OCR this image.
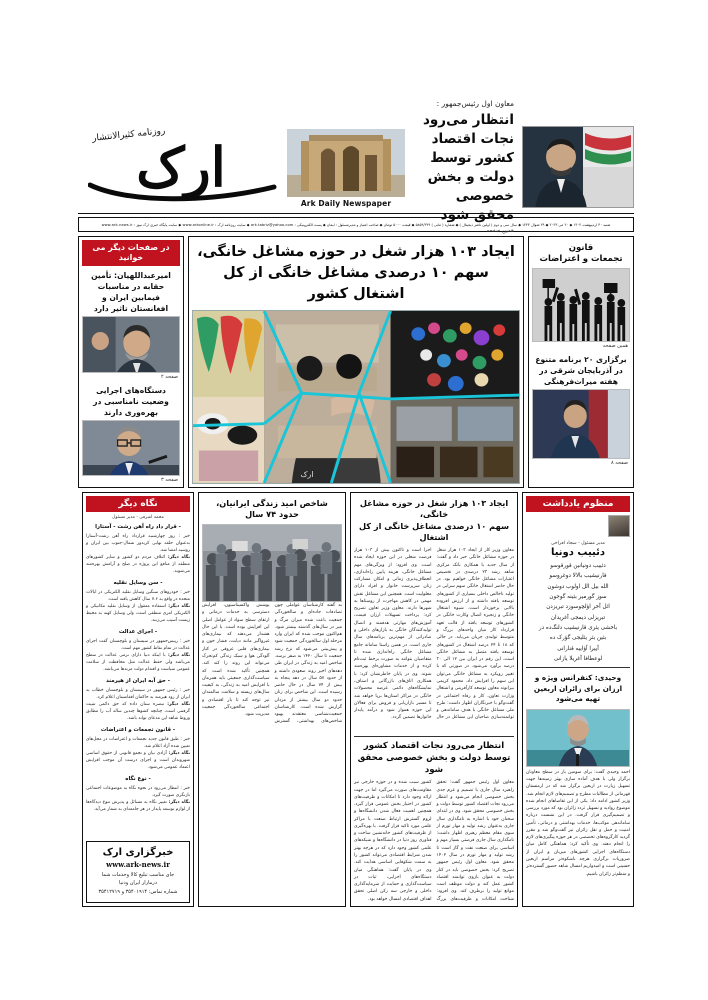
روزنامه کثیرالانتشار
ارک
Ark Daily Newspaper
معاون اول رئیس‌جمهور :
انتظار می‌رود نجات اقتصاد کشور توسط دولت و بخش خصوصی محقق شود
همین صفحه
شنبه ۳۰ اردیبهشت ۱۴۰۲ ◆ ۲۰ می ۲۰۲۳ ◆ ۲۹ شوال ۱۴۴۴ ◆ سال سی و دوم ( اولین ناشر دیجیتال ) ◆ شماره ( مانی ) ۵۸۵۹/۳۴۹ ◆ قیمت ۵۰۰۰ تومان ◆ صاحب امتیاز و مدیرمسئول : ایمان ◆ پست الکترونیکی : ark.tabriz@yahoo.com ◆ سایت روزنامه ارک : www.arkonline.ir ◆ سایت پایگاه خبری ارک نیوز : www.ark-news.ir
قانون
تجمعات و اعتراضات
همین صفحه
برگزاری ۲۰ برنامه متنوع در آذربایجان شرقی در هفته میراث‌فرهنگی
صفحه ۸
ایجاد ۱۰۳ هزار شغل در حوزه مشاغل خانگی،
سهم ۱۰ درصدی مشاغل خانگی از کل اشتغال کشور
ارک
در صفحات دیگر می خوانید
امیرعبداللهیان: تأمین حقابه در مناسبات فیمابین ایران و افغانستان تاثیر دارد
صفحه ۲
دستگاه‌های اجرایی وضعیت نامناسبی در بهره‌وری دارند
صفحه ۳
منظوم یادداشت
مدیر مسئول - سجاد افراخی
دئییب دونیا
دئییب دونیانین قورقوسو
قارنیشیب بالالا دوغروسو
الله بیل الل اولوب دوشون
سوز گورمیر بئینه گوجون
ائل آخر اؤلچوسوزد تبریزدن
تبریزلی دیمجی آغریدان
باخشی یئری قارنیشیب دلنگ‌ده در
بئین بئر یئلیجی گؤرک ده
آییرا آؤاییه قنارانی
لوعطافا آغریلا یازانی
وحیدی: کنفرانس ویژه و ارزان برای زائران اربعین تهیه می‌شود
احمد وحیدی گفت: برای سومین بار در سطح معاونان برگزار ولی با هدف آماده سازی بهتر زمینه‌ها جهت تسهیل زیارت در اربعین برگزار شد که در ارمنستان قهرمانی از مطالبات مطرح و تصمیم‌های لازم انجام شد. وزیر کشور ادامه داد: یکی از این تقاضاهای انجام شده موضوع روادید و تسهیل تردد زائران بود که مورد بررسی و تصمیم‌گیری قرار گرفت. در این نشست درباره ساماندهی موکب‌ها، خدمات بهداشتی و درمانی، تأمین امنیت و حمل و نقل زائران نیز گفت‌وگو شد و مقرر گردید کارگروه‌های تخصصی در هر حوزه پیگیری‌های لازم را انجام دهند. وی تأکید کرد: هماهنگی کامل میان دستگاه‌های اجرایی کشورهای میزبان و ایران از ضروریات برگزاری هرچه باشکوه‌تر مراسم اربعین حسینی است و امیدواریم امسال شاهد حضور گسترده‌تر و منظم‌تر زائران باشیم.
ایجاد ۱۰۳ هزار شغل در حوزه مشاغل خانگی،
سهم ۱۰ درصدی مشاغل خانگی از کل اشتغال
معاون وزیر کار از ایجاد ۱۰۳ هزار شغل در حوزه مشاغل خانگی خبر داد و گفت: از سال جدید با همکاری بانک مرکزی شاهد رشد ۲۳ درصدی در تخصیص اعتبارات مشاغل خانگی خواهیم بود. در حال حاضر اشتغال خانگی سهم سزایی در تولید ناخالص داخلی بسیاری از کشورهای توسعه یافته داشته و از ارزش افزوده بالایی برخوردار است. شیوه اشتغال خانگی و زنجیره اتصال وکارت خانگی در کشورهای توسعه یافته از قالب تعهد قرارداد کار میان واحدهای بزرگ و متوسط تولیدی جریان می‌یابد. در حالی که ۱۸ تا ۲۴ درصد اشتغال در کشورهای توسعه یافته متصل به مشاغل خانگی است، این رقم در ایران بین ۱۲ الی ۳۰ درصد برآورد می‌شود. در صورتی که با تغییر رویکرد به مشاغل خانگی می‌توان این سهم را افزایش داد. محمود کریمی بیرانوند معاون توسعه کارآفرینی و اشتغال وزارت تعاون، کار و رفاه اجتماعی در گفت‌وگو با خبرنگاران اظهار داشت: طرح ملی مشاغل خانگی با هدف ساماندهی و توانمندسازی صاحبان این مشاغل در حال اجرا است و تاکنون بیش از ۱۰۳ هزار فرصت شغلی در این حوزه ایجاد شده است. وی افزود: از ویژگی‌های مهم مشاغل خانگی، هزینه پایین راه‌اندازی، انعطاف‌پذیری زمانی و امکان مشارکت زنان سرپرست خانوار و افراد دارای معلولیت است. همچنین این مشاغل نقش مهمی در کاهش مهاجرت از روستاها به شهرها دارند. معاون وزیر تعاون تصریح کرد: پرداخت تسهیلات ارزان قیمت، آموزش‌های مهارتی هدفمند و اتصال تولیدکنندگان خانگی به بازارهای داخلی و صادراتی از مهم‌ترین برنامه‌های سال جاری است. در همین راستا سامانه جامع مشاغل خانگی راه‌اندازی شده تا متقاضیان بتوانند به صورت برخط ثبت‌نام کرده و از خدمات مشاوره‌ای بهره‌مند شوند. وی در پایان خاطرنشان کرد: با همکاری اتاق‌های بازرگانی و اصناف، نمایشگاه‌های دائمی عرضه محصولات خانگی در مراکز استان‌ها برپا خواهد شد تا مسیر بازاریابی و فروش برای فعالان این حوزه هموار شود و درآمد پایدار خانوارها تضمین گردد.
انتظار می‌رود نجات اقتصاد کشور توسط دولت و بخش خصوصی محقق شود
معاون اول رئیس جمهور گفت: تحقق راهبرد سال جاری با تصمیم و عزم جدی بخش خصوصی انجام می‌شود و انتظار می‌رود نجات اقتصاد کشور توسط دولت و بخش خصوصی محقق شود. وی در ابتدای سخنان خود با اشاره به نامگذاری سال جاری به‌عنوان رشد تولید و مهار تورم از سوی مقام معظم رهبری اظهار داشت: نامگذاری سال جاری فرصتی بسیار مهم و اساسی برای صنعت نفت و گاز است تا رشد تولید و مهار تورم در سال ۱۴۰۲ محقق شود. معاون اول رئیس جمهور تصریح کرد: بخش خصوصی باید در کنار دولت به عنوان بازوی توانمند اقتصاد کشور عمل کند و دولت موظف است موانع تولید را برطرف کند. وی افزود: شناخت امکانات و ظرفیت‌های بزرگ کشور سبب شده و در حوزه خارجی نیز مقاومت‌های صورت می‌گیرد اما در جهت ارائه وجود دارد تا امکانات و ظرفیت‌های کشور در اختیار بخش عمومی قرار گیرد. همچنین اهمیت فعال شدن دانشگاه‌ها و لزوم گسترش ارتباط صنعت با مراکز علمی مورد تاکید قرار گرفت. با بهره‌گیری از ظرفیت‌های کشور خانه‌نشین ساخت و فناوری روز دنیا در دانشگاه‌ها و شبکه‌های علمی کشور وجود دارد که در هرچه بهتر شدن شرایط اقتصادی می‌تواند کشور را به سمت شکوفایی اساسی هدایت کند. وی در پایان گفت: هماهنگی میان دستگاه‌های اجرایی، ثبات در سیاست‌گذاری و حمایت از سرمایه‌گذاری داخلی و خارجی سه رکن اصلی تحقق اهداف اقتصادی امسال خواهد بود.
شاخص امید زندگی ایرانیان،
حدود ۷۴ سال
به گفته کارشناسان عواملی چون تصادفات جاده‌ای و سالخوردگی جمعیت باعث شده میزان مرگ و میر در سال‌های گذشته بیشتر شود. هم‌اکنون موجب شده که ایران وارد مرحله اول سالخوردگی جمعیت شود و پیش‌بینی می‌شود که نرخ رشد جمعیت تا سال ۱۴۲۰ به صفر برسد. شاخص امید به زندگی در ایران طی دهه‌های اخیر روند صعودی داشته و از حدود ۵۷ سال در دهه پنجاه به بیش از ۷۴ سال در حال حاضر رسیده است. این شاخص برای زنان حدود دو سال بیشتر از مردان گزارش شده است. کارشناسان جمعیت‌شناسی معتقدند بهبود شاخص‌های بهداشتی، گسترش پوشش واکسیناسیون، افزایش دسترسی به خدمات درمانی و ارتقای سطح سواد از عوامل اصلی این افزایش بوده است. با این حال هشدار می‌دهند که بیماری‌های غیرواگیر مانند دیابت، فشار خون و بیماری‌های قلبی عروقی در کنار آلودگی هوا و سبک زندگی کم‌تحرک می‌تواند این روند را کند کند. همچنین تأکید شده است که سیاست‌گذاری جمعیتی باید همزمان با افزایش امید به زندگی، به کیفیت سال‌های زیسته و سلامت سالمندان نیز توجه کند تا بار اقتصادی و اجتماعی سالخوردگی جمعیت مدیریت شود.
نگاه دیگر
محمد اشرفی - مدیر مسئول
- قرار داد راه آهن رشت - آستارا
خبر : روز چهارشنبه قرارداد راه آهن رشت-آستارا به‌عنوان حلقه نهایی کریدور شمال-جنوب بین ایران و روسیه امضا شد.
نگاه دیگر: ائتلاف مردم دو کشور و سایر کشورهای منطقه از منافع این پروژه در صلح و آرامش بهره‌مند می‌شوند.
- سن وسایل نقلیه
خبر : خودروهای سنگین وسایل نقلیه الکتریکی در ایالات متحده در واقع به ۷.۶ سال کاهش یافته است.
نگاه دیگر: استفاده معقول از وسایل نقلیه مکانیکی و الکتریکی امری منطقی است، ولی وسایل کهنه به محیط زیست آسیب می‌زنند.
- اجرای عدالت
خبر : رییس‌جمهور در سیستان و بلوچستان گفت اجرای عدالت در تمام نقاط کشور مهم است.
نگاه دیگر: با اینکه دنیا دارای نرمی عدالت در سطح می‌باشد ولی حفظ عدالت مثل محافظت از سلامت عمومی سیاست و اقتدام دولت مرتدها می‌باشد.
- حق آبه ایران از هیرمند
خبر : رئیس جمهور در سیستان و بلوچستان خطاب به ایران از رود هیرمند به حاکمان افغانستان اعلام کرد.
نگاه دیگر: تبصره ستان داده که حق دائمی تثبیت گرفتنی است، چنانچه کشوها چندین ساله آب را مطابق وروط شاهد این مدعای تواند باشد.
- قانون تجمعات و اعتراضات
خبر : طبق قانون جدید تجمعات و اعتراضات در محل‌های تعیین شده آزاد اعلام شد.
نگاه دیگر: آزادی بیان و تجمع قانونی از حقوق اساسی شهروندان است و اجرای درست آن موجب افزایش اعتماد عمومی می‌شود.
- نوع نگاه
خبر : انتظار می‌رود در نحوه نگاه به موضوعات اجتماعی بازنگری صورت گیرد.
نگاه دیگر: تغییر نگاه به مسائل و پذیرش تنوع دیدگاه‌ها از لوازم توسعه پایدار در هر جامعه‌ای به شمار می‌آید.
خبرگزاری ارک
www.ark-news.ir
جای مناسب تبلیغ کالا وخدمات شما
درمازار ایران ودنیا
شماره تماس: ۳۵۴۰۱۹۱۴ و ۳۵۴۱۲۷۱۹
